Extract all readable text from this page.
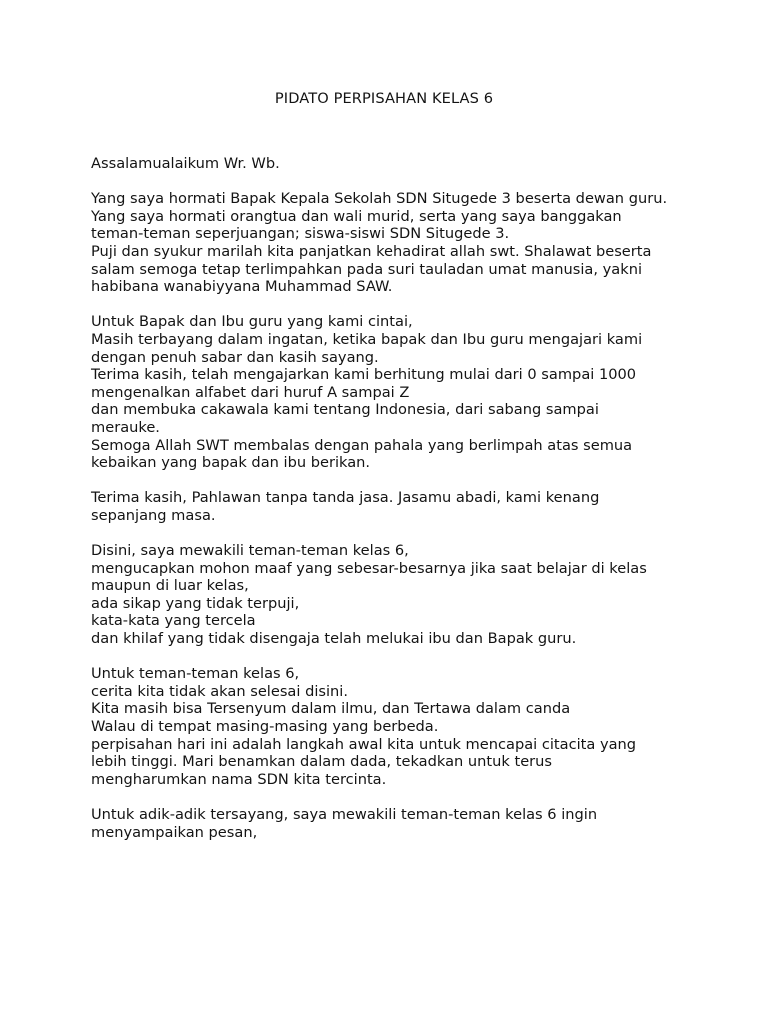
PIDATO PERPISAHAN KELAS 6
Assalamualaikum Wr. Wb.
Yang saya hormati Bapak Kepala Sekolah SDN Situgede 3 beserta dewan guru.
Yang saya hormati orangtua dan wali murid, serta yang saya banggakan
teman-teman seperjuangan; siswa-siswi SDN Situgede 3.
Puji dan syukur marilah kita panjatkan kehadirat allah swt. Shalawat beserta
salam semoga tetap terlimpahkan pada suri tauladan umat manusia, yakni
habibana wanabiyyana Muhammad SAW.
Untuk Bapak dan Ibu guru yang kami cintai,
Masih terbayang dalam ingatan, ketika bapak dan Ibu guru mengajari kami
dengan penuh sabar dan kasih sayang.
Terima kasih, telah mengajarkan kami berhitung mulai dari 0 sampai 1000
mengenalkan alfabet dari huruf A sampai Z
dan membuka cakawala kami tentang Indonesia, dari sabang sampai
merauke.
Semoga Allah SWT membalas dengan pahala yang berlimpah atas semua
kebaikan yang bapak dan ibu berikan.
Terima kasih, Pahlawan tanpa tanda jasa. Jasamu abadi, kami kenang
sepanjang masa.
Disini, saya mewakili teman-teman kelas 6,
mengucapkan mohon maaf yang sebesar-besarnya jika saat belajar di kelas
maupun di luar kelas,
ada sikap yang tidak terpuji,
kata-kata yang tercela
dan khilaf yang tidak disengaja telah melukai ibu dan Bapak guru.
Untuk teman-teman kelas 6,
cerita kita tidak akan selesai disini.
Kita masih bisa Tersenyum dalam ilmu, dan Tertawa dalam canda
Walau di tempat masing-masing yang berbeda.
perpisahan hari ini adalah langkah awal kita untuk mencapai citacita yang
lebih tinggi. Mari benamkan dalam dada, tekadkan untuk terus
mengharumkan nama SDN kita tercinta.
Untuk adik-adik tersayang, saya mewakili teman-teman kelas 6 ingin
menyampaikan pesan,
